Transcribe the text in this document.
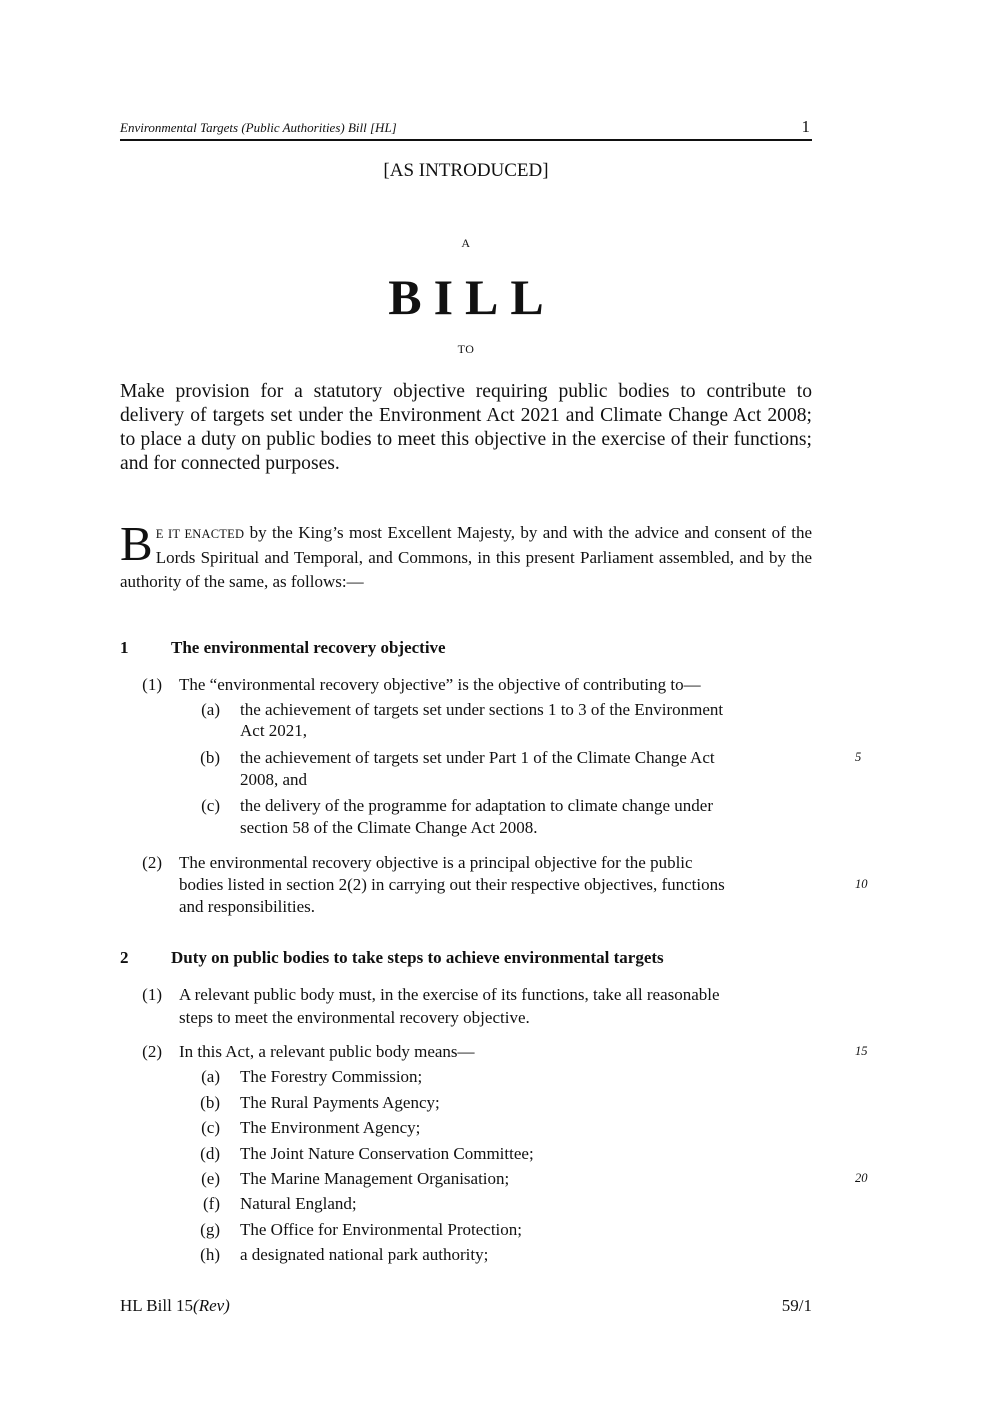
Environmental Targets (Public Authorities) Bill [HL]	1
[AS INTRODUCED]
A
BILL
TO
Make provision for a statutory objective requiring public bodies to contribute to delivery of targets set under the Environment Act 2021 and Climate Change Act 2008; to place a duty on public bodies to meet this objective in the exercise of their functions; and for connected purposes.
B E IT ENACTED by the King’s most Excellent Majesty, by and with the advice and consent of the Lords Spiritual and Temporal, and Commons, in this present Parliament assembled, and by the authority of the same, as follows:—
1	The environmental recovery objective
(1) The “environmental recovery objective” is the objective of contributing to—
(a) the achievement of targets set under sections 1 to 3 of the Environment
Act 2021,
(b) the achievement of targets set under Part 1 of the Climate Change Act	5
2008, and
(c) the delivery of the programme for adaptation to climate change under
section 58 of the Climate Change Act 2008.
(2) The environmental recovery objective is a principal objective for the public
bodies listed in section 2(2) in carrying out their respective objectives, functions	10
and responsibilities.
2	Duty on public bodies to take steps to achieve environmental targets
(1) A relevant public body must, in the exercise of its functions, take all reasonable
steps to meet the environmental recovery objective.
(2) In this Act, a relevant public body means—	15
(a) The Forestry Commission;
(b) The Rural Payments Agency;
(c) The Environment Agency;
(d) The Joint Nature Conservation Committee;
(e) The Marine Management Organisation;	20
(f) Natural England;
(g) The Office for Environmental Protection;
(h) a designated national park authority;
HL Bill 15(Rev)	59/1
